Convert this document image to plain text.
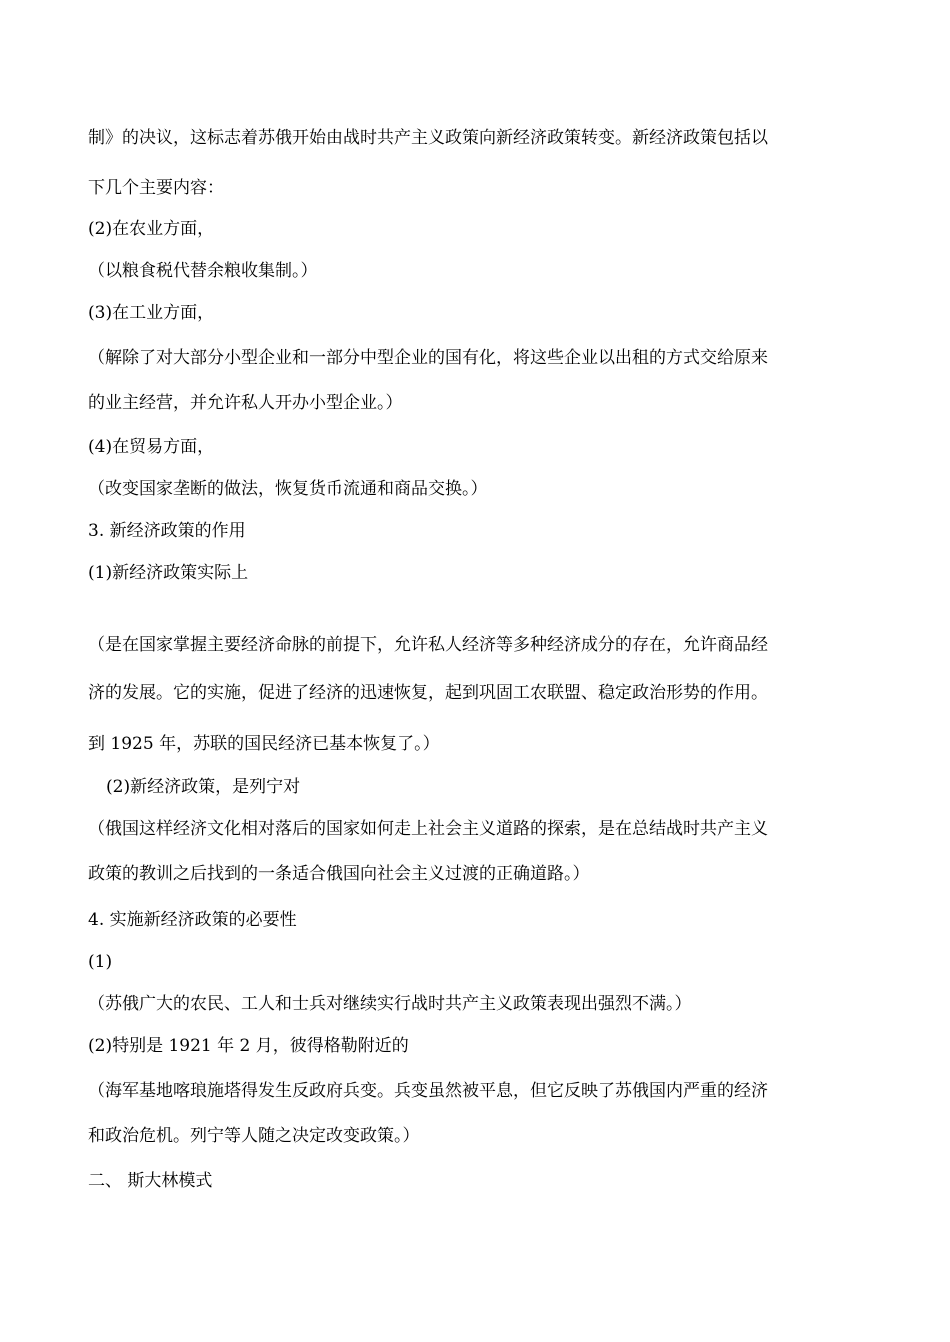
制》的决议，这标志着苏俄开始由战时共产主义政策向新经济政策转变。新经济政策包括以
下几个主要内容：
(2)在农业方面，
（以粮食税代替余粮收集制。）
(3)在工业方面，
（解除了对大部分小型企业和一部分中型企业的国有化，将这些企业以出租的方式交给原来
的业主经营，并允许私人开办小型企业。）
(4)在贸易方面，
（改变国家垄断的做法，恢复货币流通和商品交换。）
3. 新经济政策的作用
(1)新经济政策实际上
（是在国家掌握主要经济命脉的前提下，允许私人经济等多种经济成分的存在，允许商品经
济的发展。它的实施，促进了经济的迅速恢复，起到巩固工农联盟、稳定政治形势的作用。
到 1925 年，苏联的国民经济已基本恢复了。）
(2)新经济政策，是列宁对
（俄国这样经济文化相对落后的国家如何走上社会主义道路的探索，是在总结战时共产主义
政策的教训之后找到的一条适合俄国向社会主义过渡的正确道路。）
4. 实施新经济政策的必要性
(1)
（苏俄广大的农民、工人和士兵对继续实行战时共产主义政策表现出强烈不满。）
(2)特别是 1921 年 2 月，彼得格勒附近的
（海军基地喀琅施塔得发生反政府兵变。兵变虽然被平息，但它反映了苏俄国内严重的经济
和政治危机。列宁等人随之决定改变政策。）
二、 斯大林模式
